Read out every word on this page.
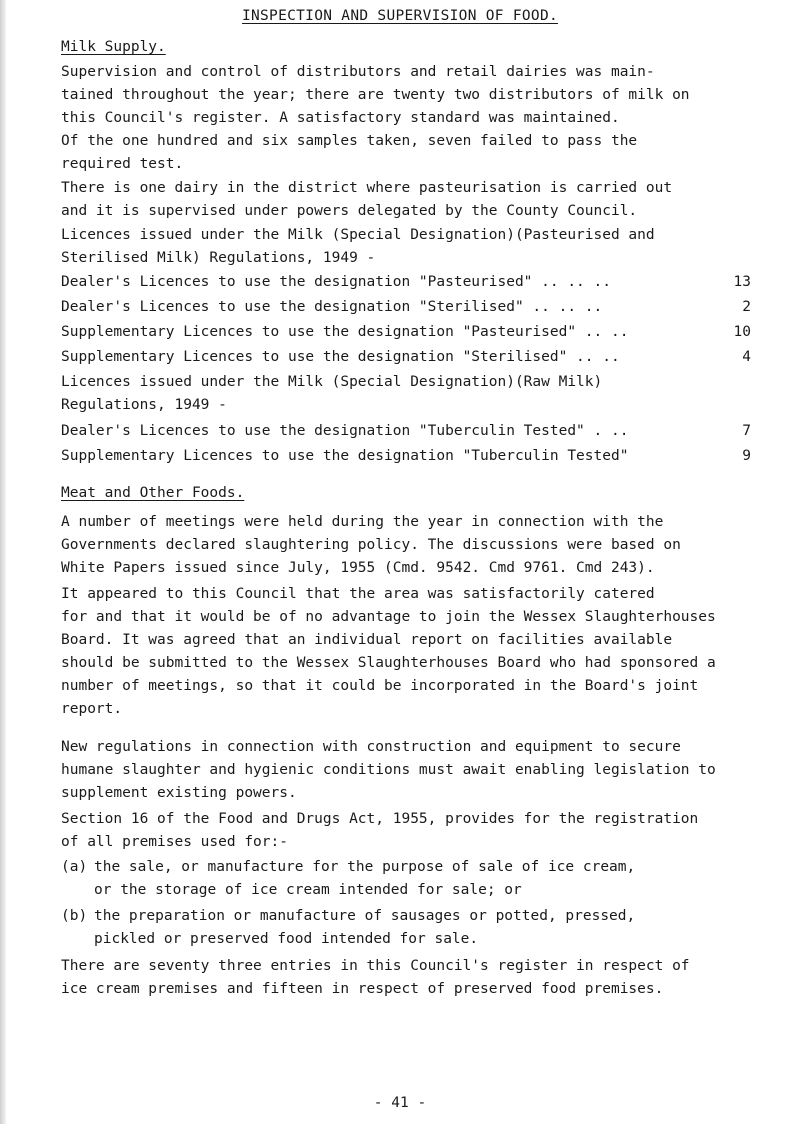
INSPECTION AND SUPERVISION OF FOOD.
Milk Supply.
Supervision and control of distributors and retail dairies was main-
tained throughout the year; there are twenty two distributors of milk on
this Council's register. A satisfactory standard was maintained.
Of the one hundred and six samples taken, seven failed to pass the
required test.
There is one dairy in the district where pasteurisation is carried out
and it is supervised under powers delegated by the County Council.
Licences issued under the Milk (Special Designation)(Pasteurised and
Sterilised Milk) Regulations, 1949 -
Dealer's Licences to use the designation "Pasteurised" .. .. ..	13
Dealer's Licences to use the designation "Sterilised" .. .. ..	2
Supplementary Licences to use the designation "Pasteurised" .. ..	10
Supplementary Licences to use the designation "Sterilised" .. ..	4
Licences issued under the Milk (Special Designation)(Raw Milk)
Regulations, 1949 -
Dealer's Licences to use the designation "Tuberculin Tested" . ..	7
Supplementary Licences to use the designation "Tuberculin Tested"	9
Meat and Other Foods.
A number of meetings were held during the year in connection with the
Governments declared slaughtering policy. The discussions were based on
White Papers issued since July, 1955 (Cmd. 9542. Cmd 9761. Cmd 243).
It appeared to this Council that the area was satisfactorily catered
for and that it would be of no advantage to join the Wessex Slaughterhouses
Board. It was agreed that an individual report on facilities available
should be submitted to the Wessex Slaughterhouses Board who had sponsored a
number of meetings, so that it could be incorporated in the Board's joint
report.
New regulations in connection with construction and equipment to secure
humane slaughter and hygienic conditions must await enabling legislation to
supplement existing powers.
Section 16 of the Food and Drugs Act, 1955, provides for the registration
of all premises used for:-
(a) the sale, or manufacture for the purpose of sale of ice cream,
or the storage of ice cream intended for sale; or
(b) the preparation or manufacture of sausages or potted, pressed,
pickled or preserved food intended for sale.
There are seventy three entries in this Council's register in respect of
ice cream premises and fifteen in respect of preserved food premises.
- 41 -
